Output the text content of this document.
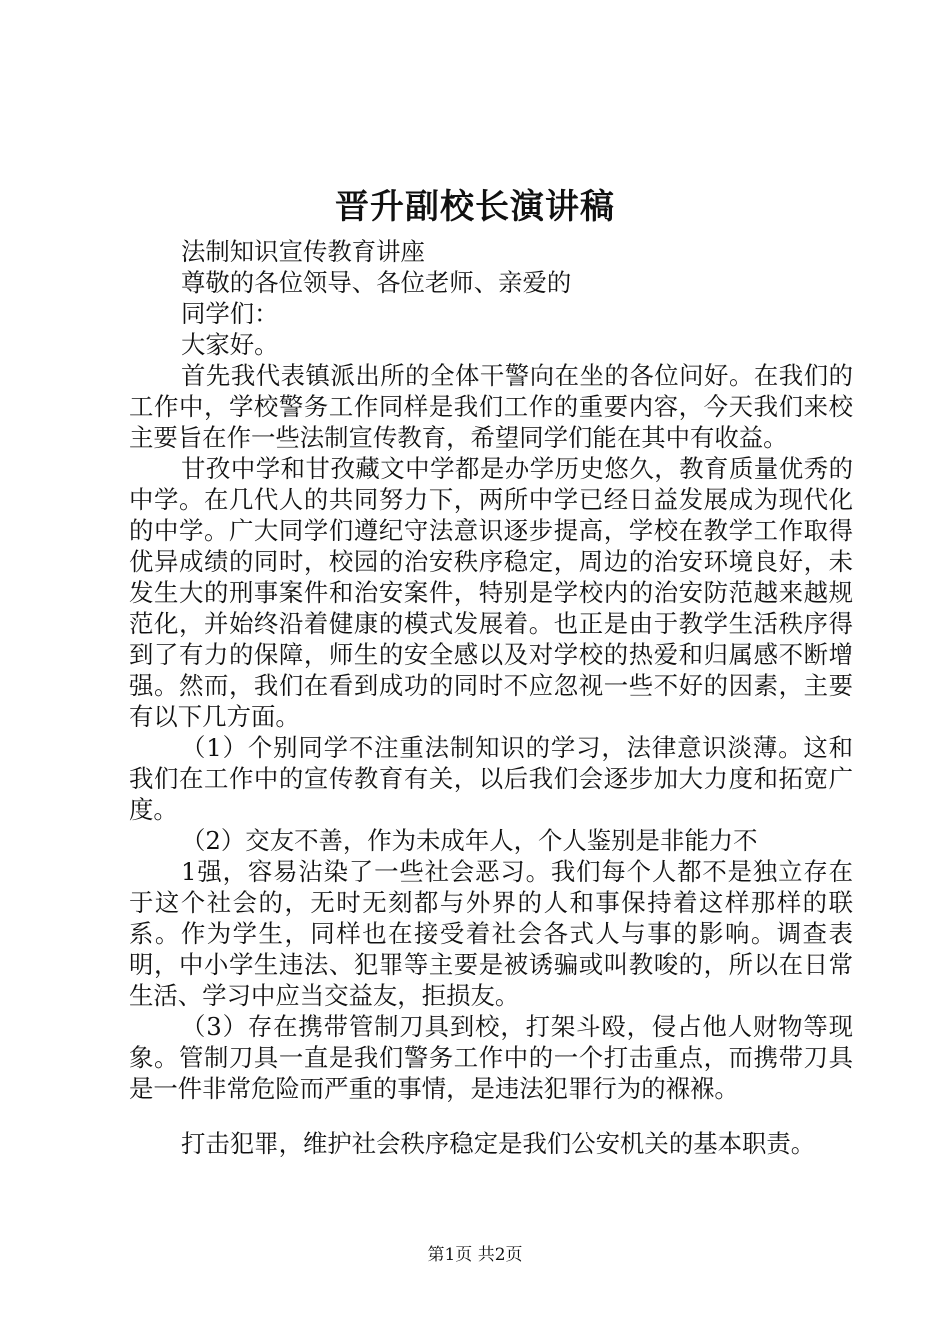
晋升副校长演讲稿

法制知识宣传教育讲座

尊敬的各位领导、各位老师、亲爱的

同学们：

大家好。

首先我代表镇派出所的全体干警向在坐的各位问好。在我们的工作中，学校警务工作同样是我们工作的重要内容，今天我们来校主要旨在作一些法制宣传教育，希望同学们能在其中有收益。

甘孜中学和甘孜藏文中学都是办学历史悠久，教育质量优秀的中学。在几代人的共同努力下，两所中学已经日益发展成为现代化的中学。广大同学们遵纪守法意识逐步提高，学校在教学工作取得优异成绩的同时，校园的治安秩序稳定，周边的治安环境良好，未发生大的刑事案件和治安案件，特别是学校内的治安防范越来越规范化，并始终沿着健康的模式发展着。也正是由于教学生活秩序得到了有力的保障，师生的安全感以及对学校的热爱和归属感不断增强。然而，我们在看到成功的同时不应忽视一些不好的因素，主要有以下几方面。

（1）个别同学不注重法制知识的学习，法律意识淡薄。这和我们在工作中的宣传教育有关，以后我们会逐步加大力度和拓宽广度。

（2）交友不善，作为未成年人，个人鉴别是非能力不

1强，容易沾染了一些社会恶习。我们每个人都不是独立存在于这个社会的，无时无刻都与外界的人和事保持着这样那样的联系。作为学生，同样也在接受着社会各式人与事的影响。调查表明，中小学生违法、犯罪等主要是被诱骗或叫教唆的，所以在日常生活、学习中应当交益友，拒损友。

（3）存在携带管制刀具到校，打架斗殴，侵占他人财物等现象。管制刀具一直是我们警务工作中的一个打击重点，而携带刀具是一件非常危险而严重的事情，是违法犯罪行为的褓褓。

打击犯罪，维护社会秩序稳定是我们公安机关的基本职责。

第1页 共2页
